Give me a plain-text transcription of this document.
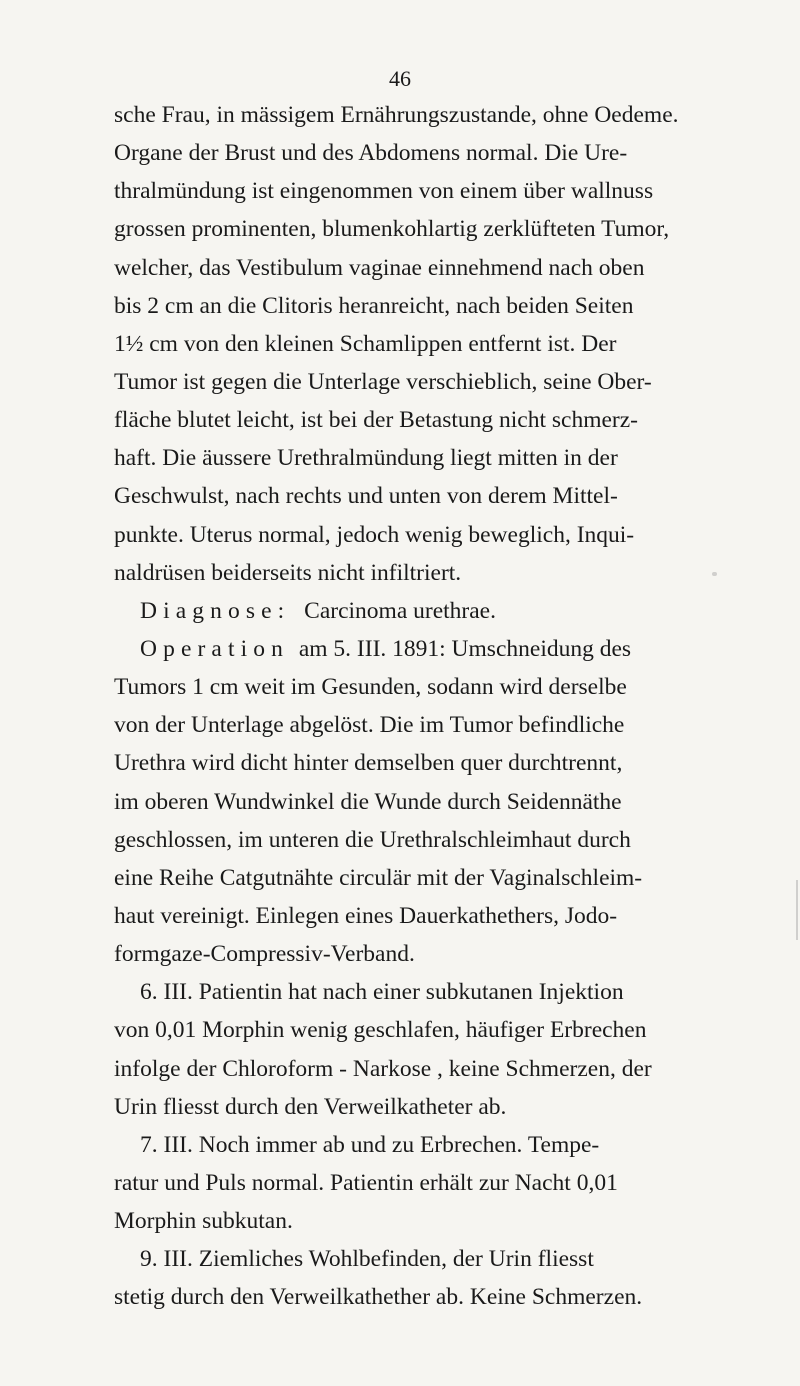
46
sche Frau, in mässigem Ernährungszustande, ohne Oedeme.
Organe der Brust und des Abdomens normal. Die Ure-
thralmündung ist eingenommen von einem über wallnuss
grossen prominenten, blumenkohlartig zerklüfteten Tumor,
welcher, das Vestibulum vaginae einnehmend nach oben
bis 2 cm an die Clitoris heranreicht, nach beiden Seiten
1½ cm von den kleinen Schamlippen entfernt ist. Der
Tumor ist gegen die Unterlage verschieblich, seine Ober-
fläche blutet leicht, ist bei der Betastung nicht schmerz-
haft. Die äussere Urethralmündung liegt mitten in der
Geschwulst, nach rechts und unten von derem Mittel-
punkte. Uterus normal, jedoch wenig beweglich, Inqui-
naldrüsen beiderseits nicht infiltriert.
Diagnose: Carcinoma urethrae.
Operation am 5. III. 1891: Umschneidung des
Tumors 1 cm weit im Gesunden, sodann wird derselbe
von der Unterlage abgelöst. Die im Tumor befindliche
Urethra wird dicht hinter demselben quer durchtrennt,
im oberen Wundwinkel die Wunde durch Seidennäthe
geschlossen, im unteren die Urethralschleimhaut durch
eine Reihe Catgutnähte circulär mit der Vaginalschleim-
haut vereinigt. Einlegen eines Dauerkathethers, Jodo-
formgaze-Compressiv-Verband.
6. III. Patientin hat nach einer subkutanen Injektion
von 0,01 Morphin wenig geschlafen, häufiger Erbrechen
infolge der Chloroform - Narkose , keine Schmerzen, der
Urin fliesst durch den Verweilkatheter ab.
7. III. Noch immer ab und zu Erbrechen. Tempe-
ratur und Puls normal. Patientin erhält zur Nacht 0,01
Morphin subkutan.
9. III. Ziemliches Wohlbefinden, der Urin fliesst
stetig durch den Verweilkathether ab. Keine Schmerzen.
